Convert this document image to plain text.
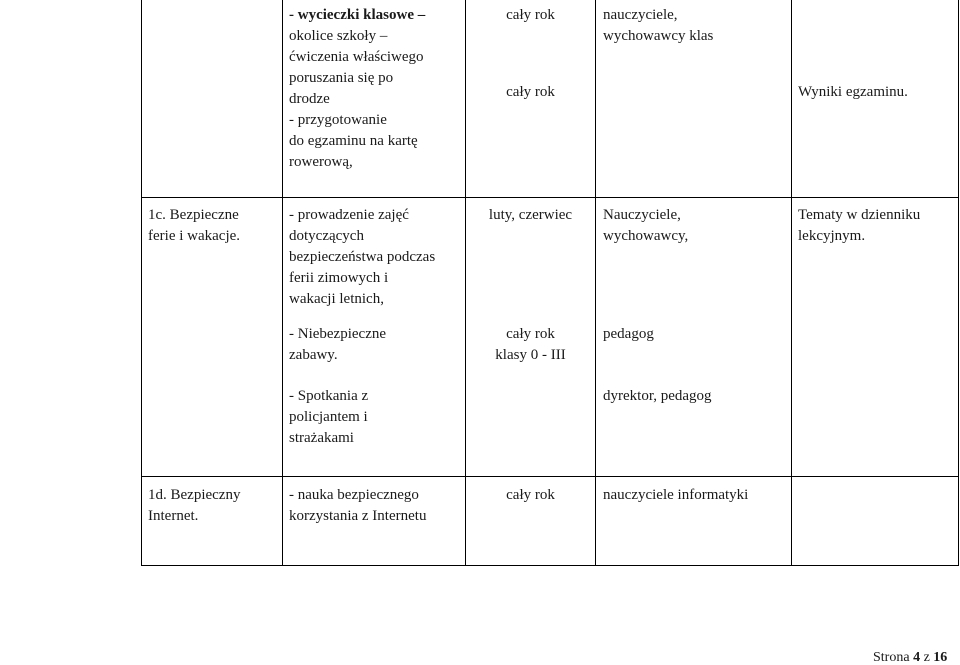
- wycieczki klasowe –
okolice szkoły –
ćwiczenia właściwego
poruszania się po
drodze
- przygotowanie
do egzaminu na kartę
rowerową,
cały rok
cały rok
nauczyciele,
wychowawcy klas
Wyniki egzaminu.
1c. Bezpieczne
ferie i wakacje.
- prowadzenie zajęć
dotyczących
bezpieczeństwa podczas
ferii zimowych i
wakacji letnich,
- Niebezpieczne
zabawy.
- Spotkania z
policjantem i
strażakami
luty, czerwiec
cały rok
klasy 0 - III
Nauczyciele,
wychowawcy,
pedagog
dyrektor, pedagog
Tematy w dzienniku
lekcyjnym.
1d. Bezpieczny
Internet.
- nauka bezpiecznego
korzystania z Internetu
cały rok	nauczyciele informatyki
Strona 4 z 16
